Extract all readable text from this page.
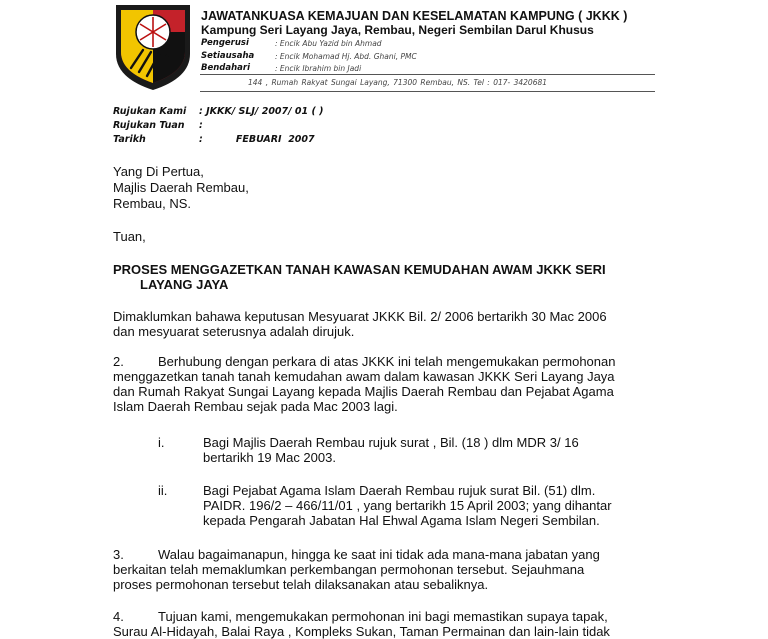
JAWATANKUASA KEMAJUAN DAN KESELAMATAN KAMPUNG ( JKKK )
Kampung Seri Layang Jaya, Rembau, Negeri Sembilan Darul Khusus
Pengerusi	: Encik Abu Yazid bin Ahmad
Setiausaha	: Encik Mohamad Hj. Abd. Ghani, PMC
Bendahari	: Encik Ibrahim bin Jadi
144 , Rumah Rakyat Sungai Layang, 71300 Rembau, NS. Tel : 017- 3420681
Rujukan Kami : JKKK/ SLJ/ 2007/ 01 ( )
Rujukan Tuan :
Tarikh	:          FEBUARI  2007
Yang Di Pertua,
Majlis Daerah Rembau,
Rembau, NS.
Tuan,
PROSES MENGGAZETKAN TANAH KAWASAN KEMUDAHAN AWAM JKKK SERI
LAYANG JAYA
Dimaklumkan bahawa keputusan Mesyuarat JKKK Bil. 2/ 2006 bertarikh 30 Mac 2006
dan mesyuarat seterusnya adalah dirujuk.
2.	Berhubung dengan perkara di atas JKKK ini telah mengemukakan permohonan
menggazetkan tanah tanah kemudahan awam dalam kawasan JKKK Seri Layang Jaya
dan Rumah Rakyat Sungai Layang kepada Majlis Daerah Rembau dan Pejabat Agama
Islam Daerah Rembau sejak pada Mac 2003 lagi.
i.	Bagi Majlis Daerah Rembau rujuk surat , Bil. (18 ) dlm MDR 3/ 16
bertarikh 19 Mac 2003.
ii.	Bagi Pejabat Agama Islam Daerah Rembau rujuk surat Bil. (51) dlm.
PAIDR. 196/2 – 466/11/01 , yang bertarikh 15 April 2003; yang dihantar
kepada Pengarah Jabatan Hal Ehwal Agama Islam Negeri Sembilan.
3.	Walau bagaimanapun, hingga ke saat ini tidak ada mana-mana jabatan yang
berkaitan telah memaklumkan perkembangan permohonan tersebut. Sejauhmana
proses permohonan tersebut telah dilaksanakan atau sebaliknya.
4.	Tujuan kami, mengemukakan permohonan ini bagi memastikan supaya tapak,
Surau Al-Hidayah, Balai Raya , Kompleks Sukan, Taman Permainan dan lain-lain tidak
